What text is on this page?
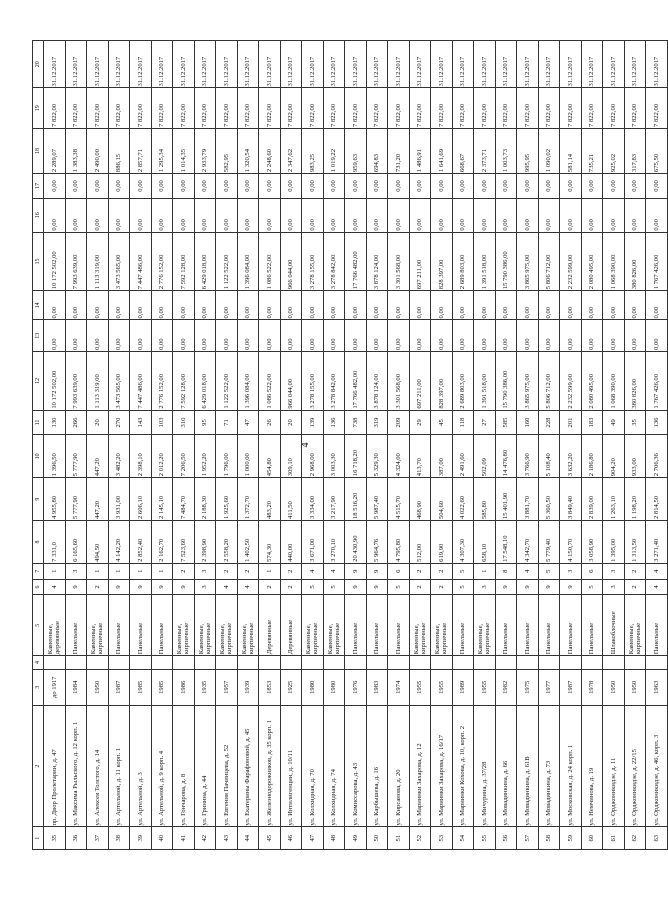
4
1	2	3	4	5	6	7	8	9	10	11	12	13	14	15	16	17	18	19	20
35	пр. Двор Пролетарии, д. 47	до 1917		Каменные, деревянные	4	1	7 331,0	4 955,80	1 396,50	130	10 172 502,00	0,00	0,00	10 172 502,00	0,00	0,00	2 289,07	7 822,00	31.12.2017
36	ул. Максима Рыльского, д. 12 корп. 1	1984		Панельные	9	3	6 165,60	5 777,90	5 777,90	266	7 993 639,00	0,00	0,00	7 993 639,00	0,00	0,00	1 383,38	7 822,00	31.12.2017
37	ул. Алексея Толстого, д. 14	1950		Каменные, кирпичные	2	1	494,50	447,20	447,20	20	1 113 319,00	0,00	0,00	1 113 319,00	0,00	0,00	2 490,00	7 822,00	31.12.2017
38	ул. Артельной, д. 11 корп. 1	1987		Панельные	9	1	4 142,20	3 931,00	3 482,20	270	3 473 565,00	0,00	0,00	3 473 565,00	0,00	0,00	886,15	7 822,00	31.12.2017
39	ул. Артельной, д. 3	1985		Панельные	9	1	2 852,40	2 606,10	2 398,10	143	7 447 486,00	0,00	0,00	7 447 486,00	0,00	0,00	2 857,71	7 822,00	31.12.2017
40	ул. Артельной, д. 9 корп. 4	1985		Панельные	9	1	2 162,70	2 145,10	2 012,20	103	2 776 152,00	0,00	0,00	2 776 152,00	0,00	0,00	1 295,34	7 822,00	31.12.2017
41	ул. Гончарова, д. 8	1986		Каменные, кирпичные	9	2	7 523,60	7 484,70	7 206,50	310	7 592 128,00	0,00	0,00	7 592 128,00	0,00	0,00	1 014,35	7 822,00	31.12.2017
42	ул. Гринина, д. 44	1935		Каменные, кирпичные	3	3	2 398,90	2 188,30	1 952,20	95	6 429 018,00	0,00	0,00	6 429 018,00	0,00	0,00	2 933,79	7 822,00	31.12.2017
43	ул. Евгения Пачинцева, д. 52	1957		Каменные, кирпичные	4	2	2 558,20	1 925,60	1 796,00	71	1 122 522,00	0,00	0,00	1 122 522,00	0,00	0,00	582,95	7 822,00	31.12.2017
44	ул. Екатерины Фарафоновой, д. 45	1939		Каменные, кирпичные	4	2	1 402,50	1 372,70	1 000,00	47	1 396 084,00	0,00	0,00	1 396 084,00	0,00	0,00	1 320,54	7 822,00	31.12.2017
45	ул. Железнодорожников, д. 35 корп. 1	1853		Деревянные	2	1	574,30	483,20	454,80	26	1 086 522,00	0,00	0,00	1 086 522,00	0,00	0,00	2 248,60	7 822,00	31.12.2017
46	ул. Интилигенции, д. 10/11	1925		Деревянные	2	2	440,00	411,50	309,10	20	966 044,00	0,00	0,00	966 044,00	0,00	0,00	2 347,62	7 822,00	31.12.2017
47	ул. Колхидная, д. 70	1980		Каменные, кирпичные	5	4	3 671,00	3 334,00	2 968,00	139	3 278 155,00	0,00	0,00	3 278 155,00	0,00	0,00	983,25	7 822,00	31.12.2017
48	ул. Колхидная, д. 74	1980		Каменные, кирпичные	5	4	3 270,10	3 217,90	3 003,30	136	3 278 842,00	0,00	0,00	3 278 842,00	0,00	0,00	1 019,22	7 822,00	31.12.2017
49	ул. Комиссарова, д. 43	1976		Панельные	9	9	20 430,90	18 516,20	16 718,20	738	17 766 482,00	0,00	0,00	17 766 482,00	0,00	0,00	959,63	7 822,00	31.12.2017
50	ул. Карбышева, д. 16	1983		Панельные	9	9	5 964,76	5 987,40	5 329,30	319	3 878 124,00	0,00	0,00	3 878 124,00	0,00	0,00	694,83	7 822,00	31.12.2017
51	ул. Кирсанова, д. 20	1974		Панельные	5	6	4 795,80	4 515,70	4 324,00	209	3 301 568,00	0,00	0,00	3 301 568,00	0,00	0,00	731,20	7 822,00	31.12.2017
52	ул. Мариинки Захарова, д. 12	1955		Каменные, кирпичные	2	2	512,00	468,90	413,70	29	697 211,00	0,00	0,00	697 211,00	0,00	0,00	1 486,91	7 822,00	31.12.2017
53	ул. Мариинки Захарова, д. 16/17	1955		Каменные, кирпичные	2	2	619,90	504,60	387,00	45	828 397,00	0,00	0,00	828 397,00	0,00	0,00	1 641,69	7 822,00	31.12.2017
54	ул. Мариинки Кохова, д. 10, корп. 2	1989		Панельные	5	5	4 307,30	4 022,60	2 491,60	118	2 689 803,00	0,00	0,00	2 689 803,00	0,00	0,00	668,67	7 822,00	31.12.2017
55	ул. Мичурина, д. 37/28	1955		Каменные, кирпичные	3	1	658,10	585,80	502,09	27	1 391 518,00	0,00	0,00	1 391 518,00	0,00	0,00	2 373,71	7 822,00	31.12.2017
56	ул. Мовадинкина, д. 66	1982		Панельные	9	8	17 548,10	15 401,90	14 476,80	585	15 790 386,00	0,00	0,00	15 790 386,00	0,00	0,00	1 003,73	7 822,00	31.12.2017
57	ул. Мовадинкина, д. 61В	1975		Панельные	9	4	4 342,70	3 881,70	3 766,90	160	3 865 975,00	0,00	0,00	3 865 975,00	0,00	0,00	995,95	7 822,00	31.12.2017
58	ул. Мовадинкина, д. 73	1977		Панельные	9	5	5 779,40	5 360,50	5 108,40	228	5 806 712,00	0,00	0,00	5 806 712,00	0,00	0,00	1 090,02	7 822,00	31.12.2017
59	ул. Московская, д. 24 корп. 1	1987		Панельные	9	3	4 150,70	3 849,40	3 632,20	201	2 232 599,00	0,00	0,00	2 232 599,00	0,00	0,00	581,14	7 822,00	31.12.2017
60	ул. Немчинова, д. 19	1978		Панельные	5	6	3 058,90	2 839,00	2 186,80	183	2 080 495,00	0,00	0,00	2 080 495,00	0,00	0,00	735,21	7 822,00	31.12.2017
61	ул. Орджоникидзе, д. 11	1950		Шлакоблочные	3	3	1 395,00	1 263,10	904,20	49	1 068 390,00	0,00	0,00	1 068 390,00	0,00	0,00	925,02	7 822,00	31.12.2017
62	ул. Орджоникидзе, д. 22/15	1950		Каменные, кирпичные	2	2	1 313,50	1 198,20	933,00	35	380 826,00	0,00	0,00	380 826,00	0,00	0,00	317,83	7 822,00	31.12.2017
63	ул. Орджоникидзе, д. 46, корп. 3	1963		Панельные	4	4	3 271,40	2 814,50	2 706,36	136	1 767 426,00	0,00	0,00	1 767 426,00	0,00	0,00	675,50	7 822,00	31.12.2017
